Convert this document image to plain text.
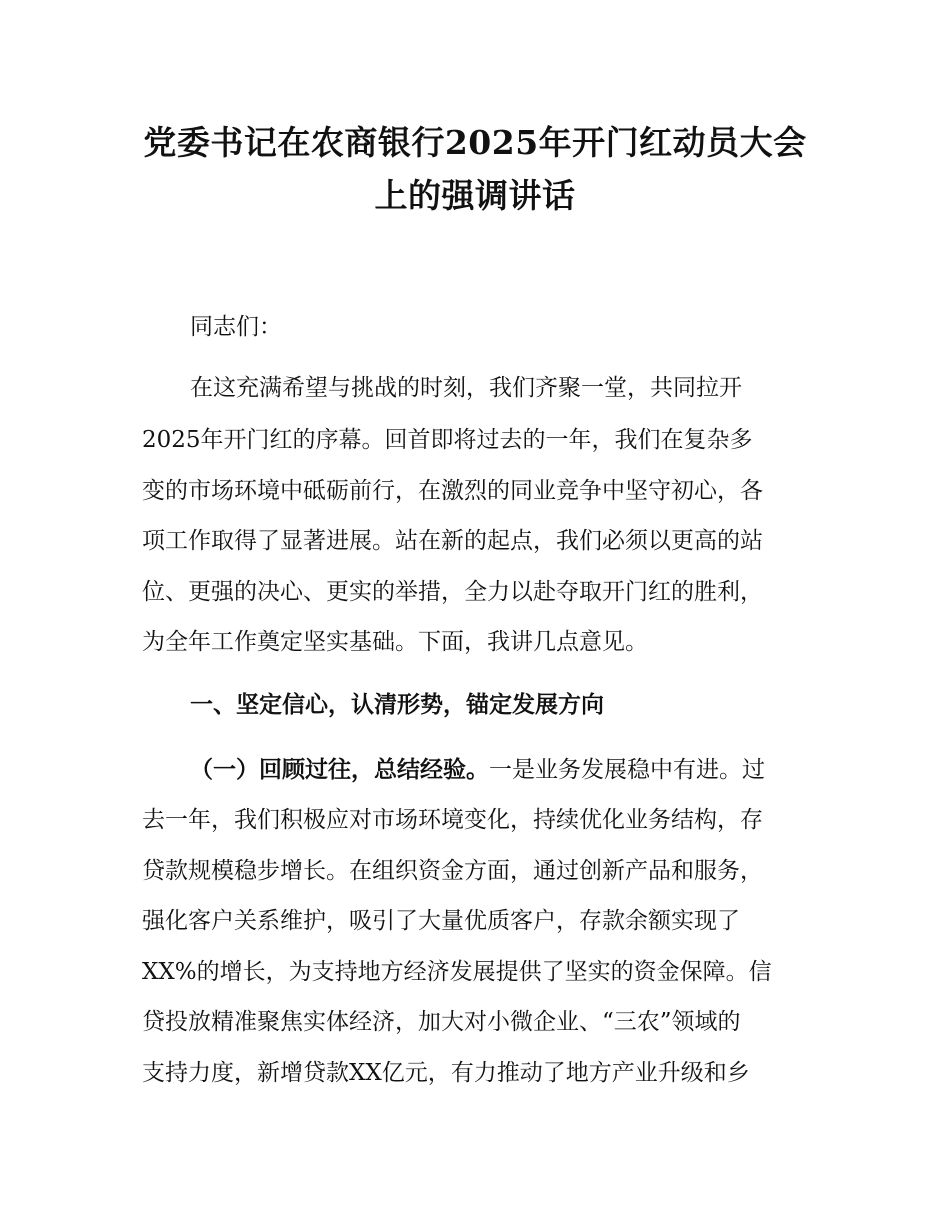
党委书记在农商银行2025年开门红动员大会
上的强调讲话

同志们：

在这充满希望与挑战的时刻，我们齐聚一堂，共同拉开

2025年开门红的序幕。回首即将过去的一年，我们在复杂多

变的市场环境中砥砺前行，在激烈的同业竞争中坚守初心，各

项工作取得了显著进展。站在新的起点，我们必须以更高的站

位、更强的决心、更实的举措，全力以赴夺取开门红的胜利，

为全年工作奠定坚实基础。下面，我讲几点意见。

一、坚定信心，认清形势，锚定发展方向

（一）回顾过往，总结经验。一是业务发展稳中有进。过

去一年，我们积极应对市场环境变化，持续优化业务结构，存

贷款规模稳步增长。在组织资金方面，通过创新产品和服务，

强化客户关系维护，吸引了大量优质客户，存款余额实现了

XX%的增长，为支持地方经济发展提供了坚实的资金保障。信

贷投放精准聚焦实体经济，加大对小微企业、“三农”领域的

支持力度，新增贷款XX亿元，有力推动了地方产业升级和乡
